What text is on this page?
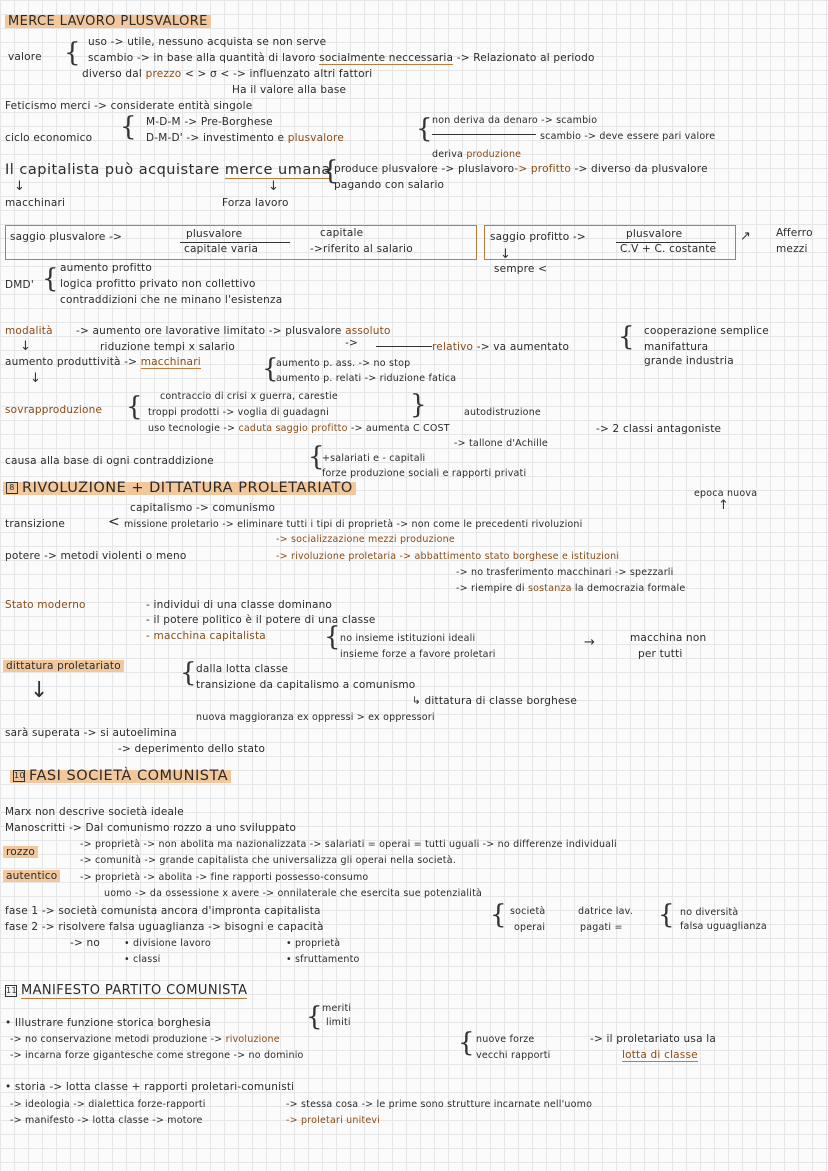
MERCE LAVORO PLUSVALORE
valore { uso -> utile, nessuno acquista se non serve
scambio -> in base alla quantità di lavoro socialmente neccessaria -> Relazionato al periodo
diverso dal prezzo < > σ < -> influenzato altri fattori
Ha il valore alla base
Feticismo merci -> considerate entità singole
M-D-M -> Pre-Borghese
ciclo economico { D-M-D' -> investimento e plusvalore	{ non deriva da denaro -> scambio
scambio -> deve essere pari valore
deriva produzione
Il capitalista può acquistare merce umana
{
produce plusvalore -> pluslavoro-> profitto -> diverso da plusvalore
pagando con salario
↓	↓
macchinari	Forza lavoro
saggio plusvalore ->	plusvalore
capitale varia
capitale
->riferito al salario
saggio profitto ->	plusvalore
C.V + C. costante
↗ Afferro
mezzi
↓
sempre <
aumento profitto
DMD' { logica profitto privato non collettivo
contraddizioni che ne minano l'esistenza
modalità -> aumento ore lavorative limitato -> plusvalore assoluto
riduzione tempi x salario
↓	->	relativo -> va aumentato { cooperazione semplice
manifattura
grande industria
aumento produttività -> macchinari {
aumento p. ass. -> no stop
aumento p. relati -> riduzione fatica
↓
contraccio di crisi x guerra, carestie
sovrapproduzione { troppi prodotti -> voglia di guadagni	}	autodistruzione
uso tecnologie -> caduta saggio profitto -> aumenta C COST
-> tallone d'Achille
-> 2 classi antagoniste
causa alla base di ogni contraddizione	{
+salariati e - capitali
forze produzione sociali e rapporti privati
8 RIVOLUZIONE + DITTATURA PROLETARIATO	epoca nuova
↑
capitalismo -> comunismo
transizione	< missione proletario -> eliminare tutti i tipi di proprietà -> non come le precedenti rivoluzioni
-> socializzazione mezzi produzione
potere -> metodi violenti o meno	-> rivoluzione proletaria -> abbattimento stato borghese e istituzioni
-> no trasferimento macchinari -> spezzarli
-> riempire di sostanza la democrazia formale
Stato moderno	- individui di una classe dominano
- il potere politico è il potere di una classe
- macchina capitalista { no insieme istituzioni ideali
insieme forze a favore proletari
→	macchina non
per tutti
dittatura proletariato { dalla lotta classe
transizione da capitalismo a comunismo
↳ dittatura di classe borghese
↓
nuova maggioranza ex oppressi > ex oppressori
sarà superata -> si autoelimina
-> deperimento dello stato
10 FASI SOCIETÀ COMUNISTA
Marx non descrive società ideale
Manoscritti -> Dal comunismo rozzo a uno sviluppato
rozzo
-> proprietà -> non abolita ma nazionalizzata -> salariati = operai = tutti uguali -> no differenze individuali
-> comunità -> grande capitalista che universalizza gli operai nella società.
autentico	-> proprietà -> abolita -> fine rapporti possesso-consumo
uomo -> da ossessione x avere -> onnilaterale che esercita sue potenzialità
fase 1 -> società comunista ancora d'impronta capitalista
fase 2 -> risolvere falsa uguaglianza -> bisogni e capacità	{ società
operai
datrice lav.
pagati = { no diversità
falsa uguaglianza
-> no	• divisione lavoro
• classi
• proprietà
• sfruttamento
11 MANIFESTO PARTITO COMUNISTA
meriti
limiti
{
• Illustrare funzione storica borghesia
-> no conservazione metodi produzione -> rivoluzione
-> incarna forze gigantesche come stregone -> no dominio	{ nuove forze
vecchi rapporti
-> il proletariato usa la
lotta di classe
• storia -> lotta classe + rapporti proletari-comunisti
-> ideologia -> dialettica forze-rapporti	-> stessa cosa -> le prime sono strutture incarnate nell'uomo
-> manifesto -> lotta classe -> motore	-> proletari unitevi
